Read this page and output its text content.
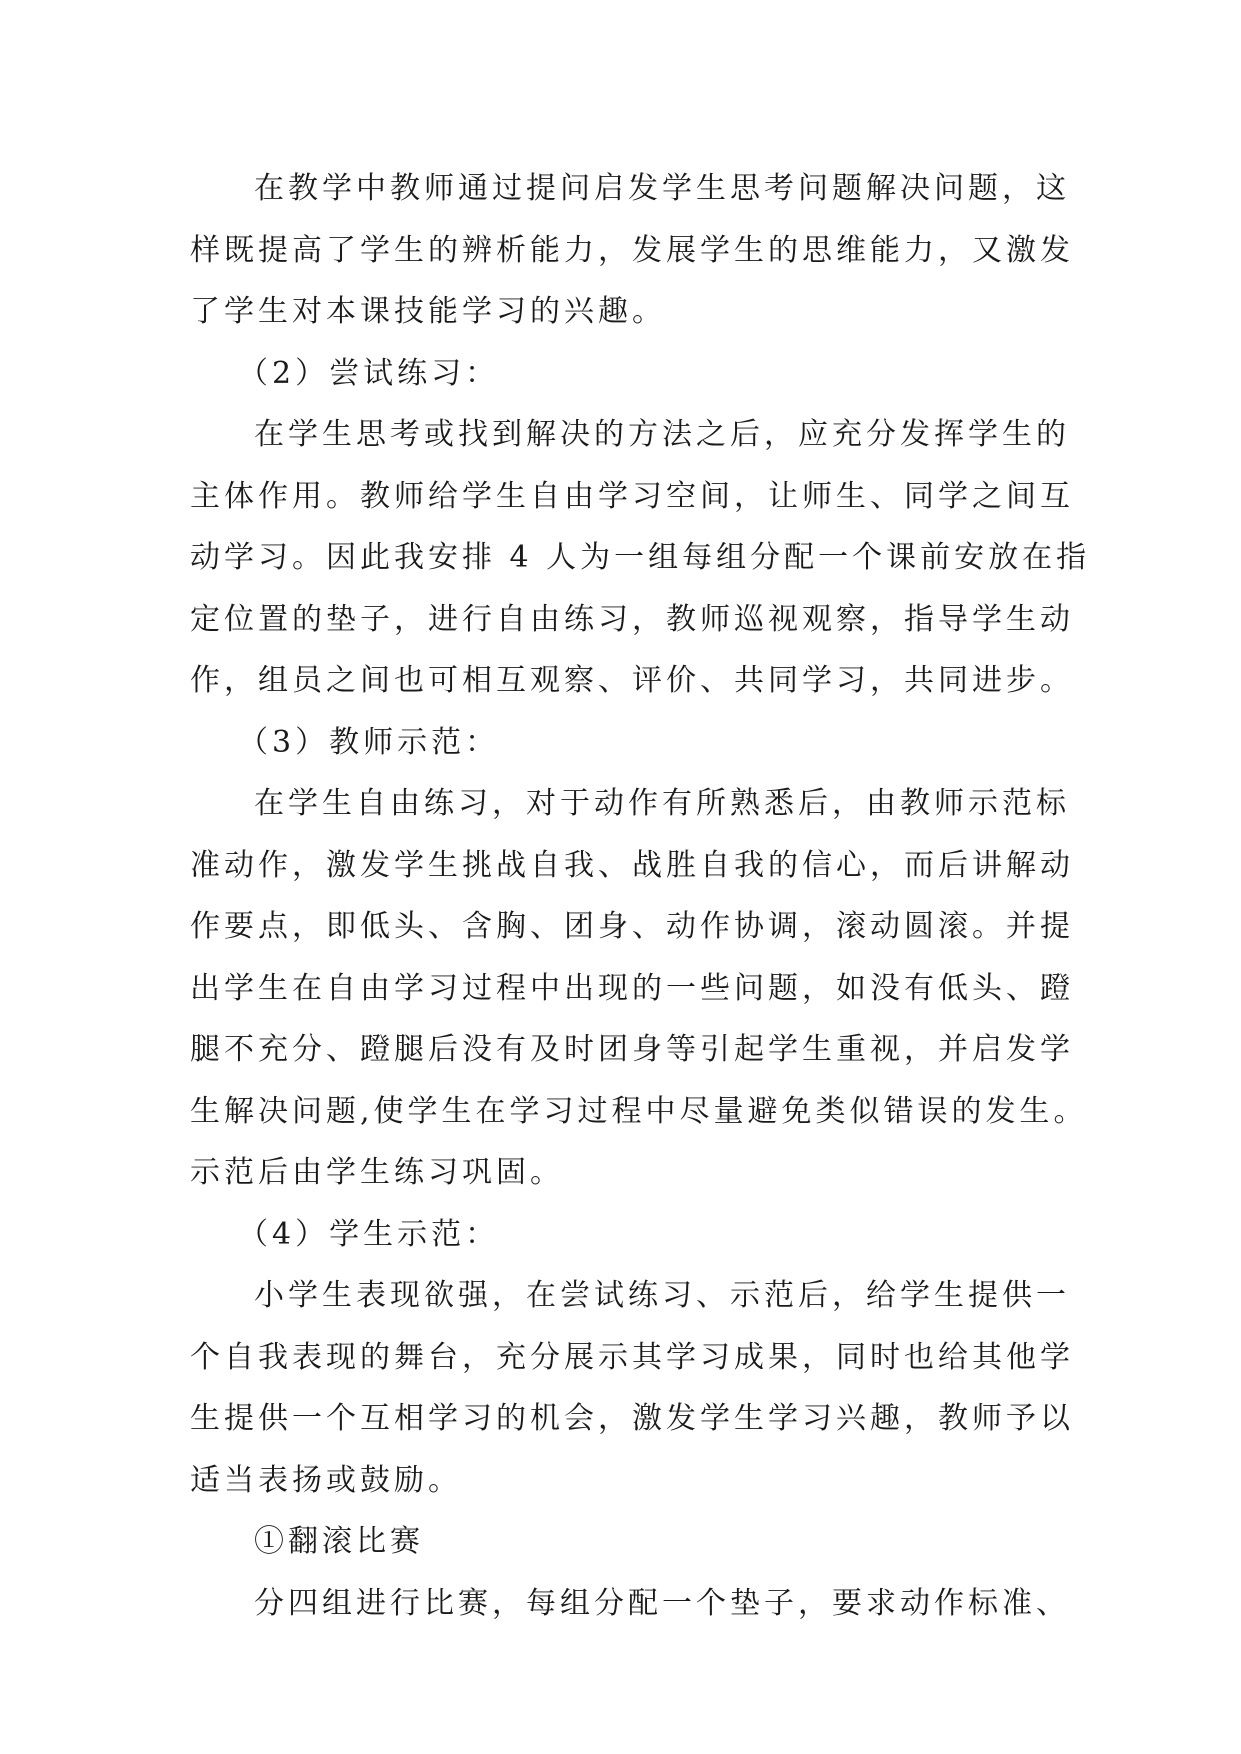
在教学中教师通过提问启发学生思考问题解决问题，这
样既提高了学生的辨析能力，发展学生的思维能力，又激发
了学生对本课技能学习的兴趣。
（2）尝试练习：
在学生思考或找到解决的方法之后，应充分发挥学生的
主体作用。教师给学生自由学习空间，让师生、同学之间互
动学习。因此我安排 4 人为一组每组分配一个课前安放在指
定位置的垫子，进行自由练习，教师巡视观察，指导学生动
作，组员之间也可相互观察、评价、共同学习，共同进步。
（3）教师示范：
在学生自由练习，对于动作有所熟悉后，由教师示范标
准动作，激发学生挑战自我、战胜自我的信心，而后讲解动
作要点，即低头、含胸、团身、动作协调，滚动圆滚。并提
出学生在自由学习过程中出现的一些问题，如没有低头、蹬
腿不充分、蹬腿后没有及时团身等引起学生重视，并启发学
生解决问题,使学生在学习过程中尽量避免类似错误的发生。
示范后由学生练习巩固。
（4）学生示范：
小学生表现欲强，在尝试练习、示范后，给学生提供一
个自我表现的舞台，充分展示其学习成果，同时也给其他学
生提供一个互相学习的机会，激发学生学习兴趣，教师予以
适当表扬或鼓励。
①翻滚比赛
分四组进行比赛，每组分配一个垫子，要求动作标准、
